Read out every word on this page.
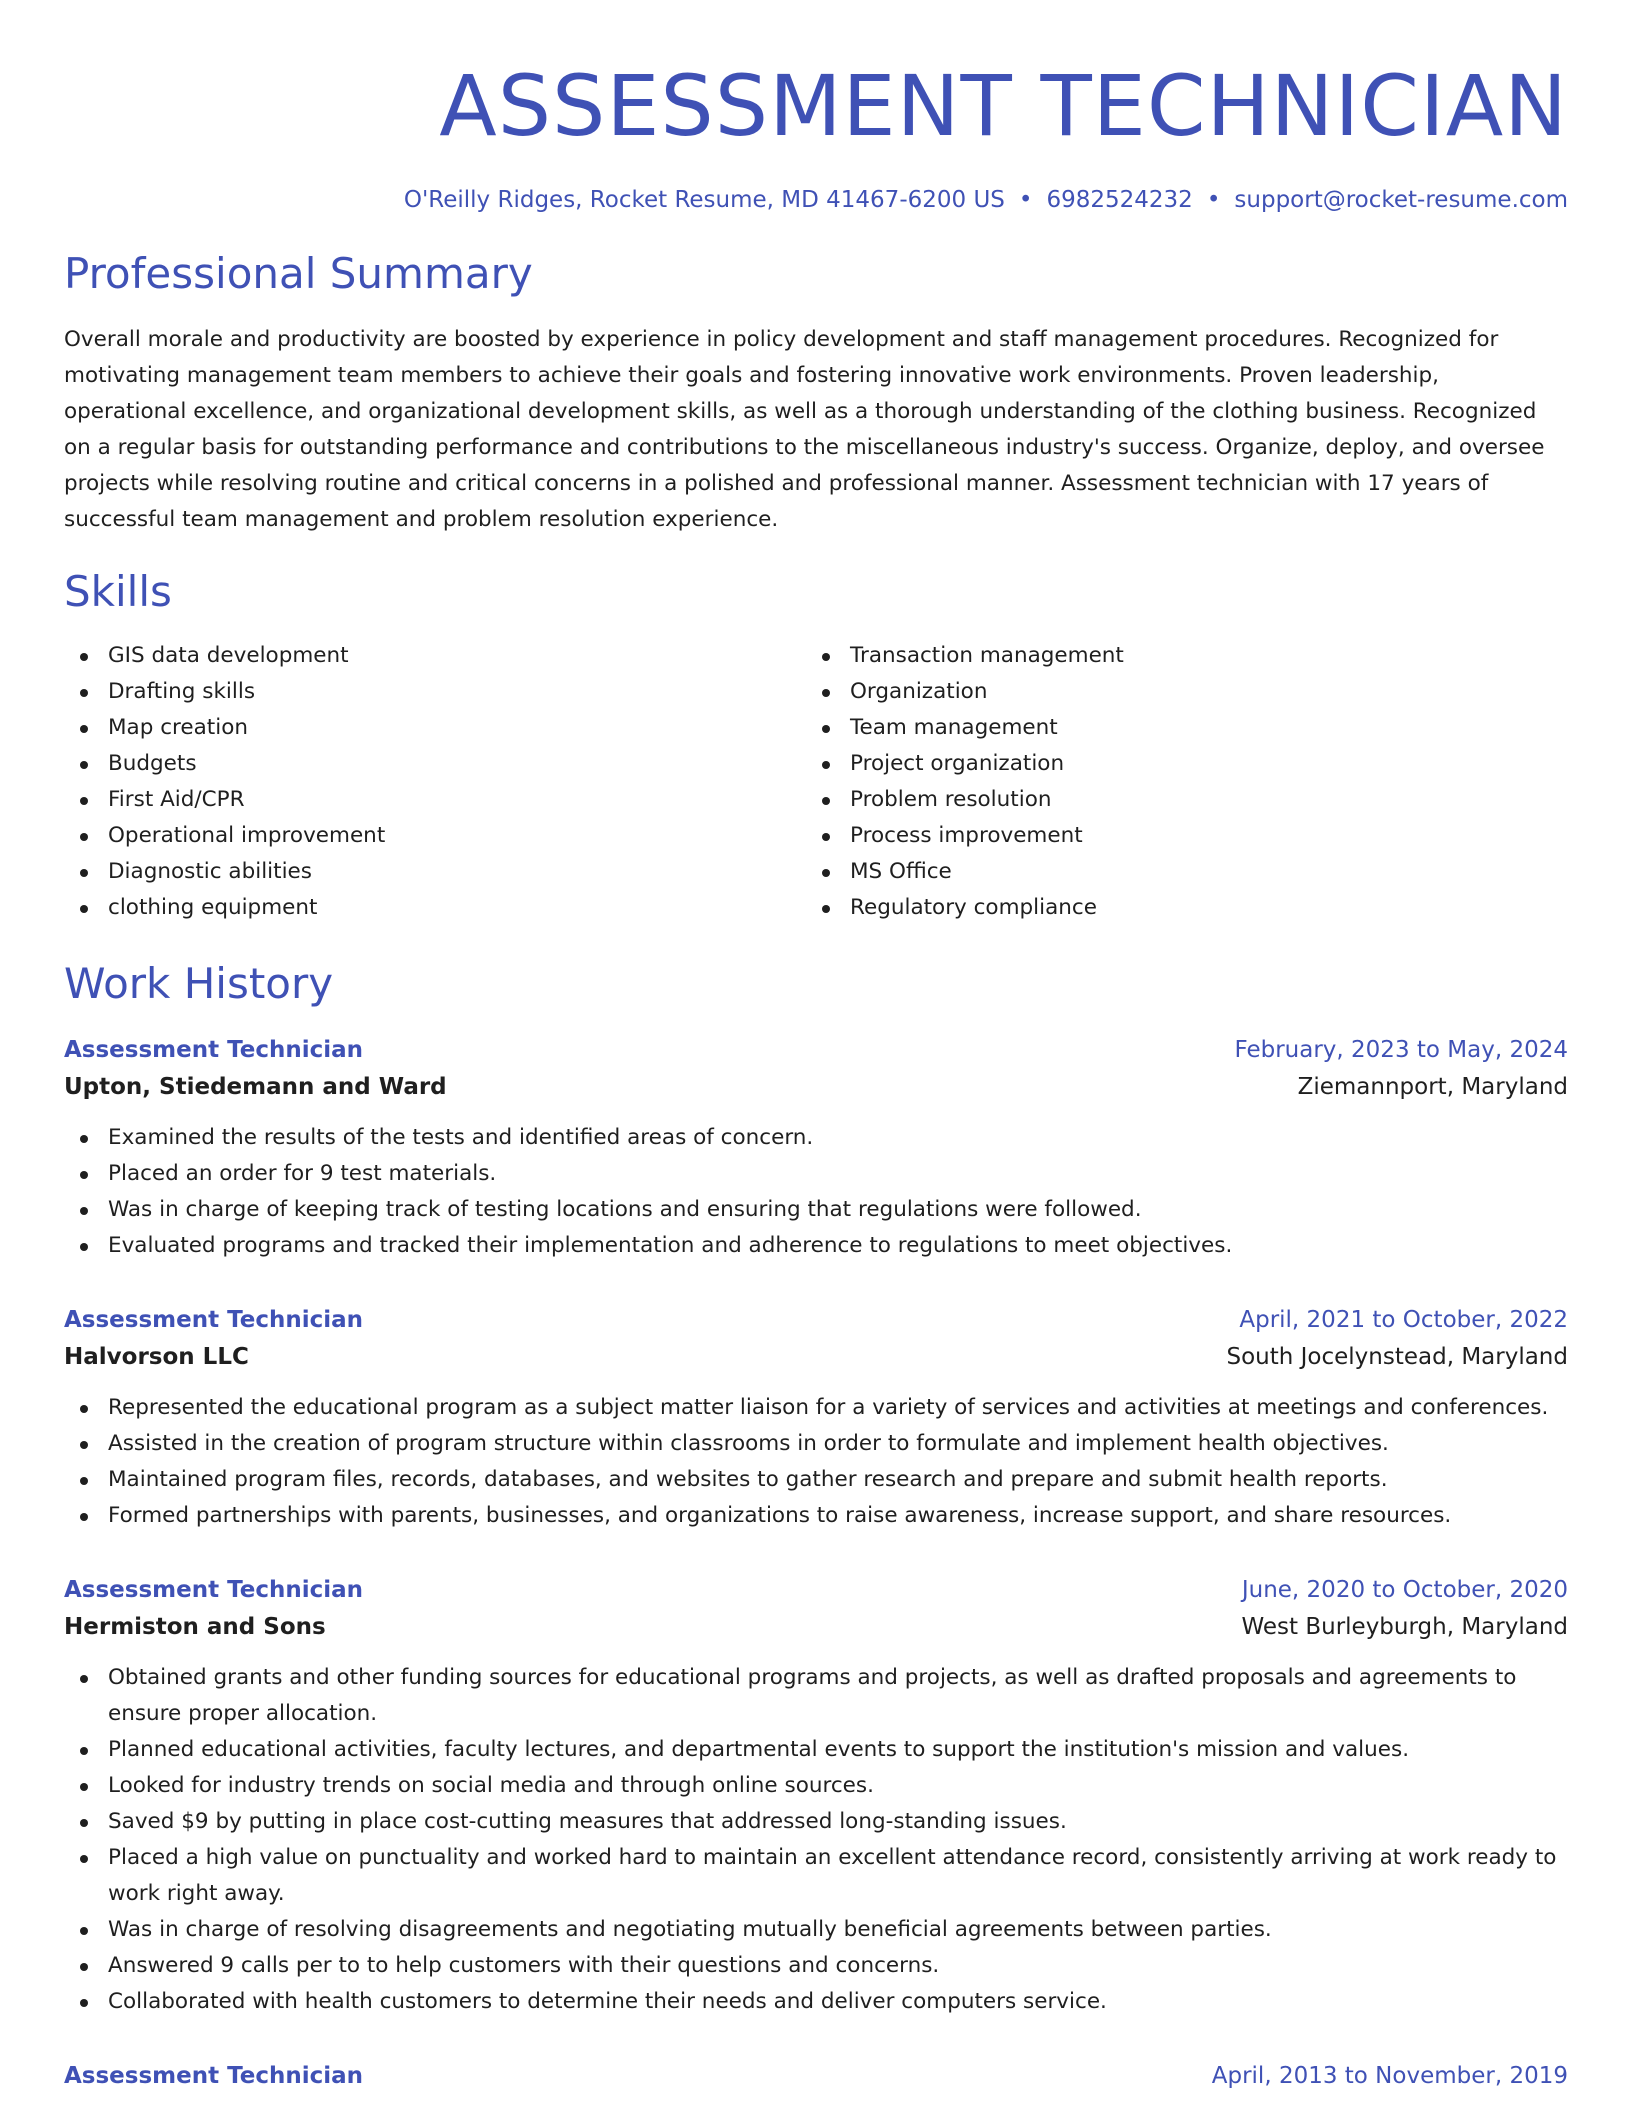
ASSESSMENT TECHNICIAN
O'Reilly Ridges, Rocket Resume, MD 41467-6200 US • 6982524232 • support@rocket-resume.com
Professional Summary
Overall morale and productivity are boosted by experience in policy development and staff management procedures. Recognized for motivating management team members to achieve their goals and fostering innovative work environments. Proven leadership, operational excellence, and organizational development skills, as well as a thorough understanding of the clothing business. Recognized on a regular basis for outstanding performance and contributions to the miscellaneous industry's success. Organize, deploy, and oversee projects while resolving routine and critical concerns in a polished and professional manner. Assessment technician with 17 years of successful team management and problem resolution experience.
Skills
GIS data development
Drafting skills
Map creation
Budgets
First Aid/CPR
Operational improvement
Diagnostic abilities
clothing equipment
Transaction management
Organization
Team management
Project organization
Problem resolution
Process improvement
MS Office
Regulatory compliance
Work History
Assessment Technician	February, 2023 to May, 2024
Upton, Stiedemann and Ward	Ziemannport, Maryland
Examined the results of the tests and identified areas of concern.
Placed an order for 9 test materials.
Was in charge of keeping track of testing locations and ensuring that regulations were followed.
Evaluated programs and tracked their implementation and adherence to regulations to meet objectives.
Assessment Technician	April, 2021 to October, 2022
Halvorson LLC	South Jocelynstead, Maryland
Represented the educational program as a subject matter liaison for a variety of services and activities at meetings and conferences.
Assisted in the creation of program structure within classrooms in order to formulate and implement health objectives.
Maintained program files, records, databases, and websites to gather research and prepare and submit health reports.
Formed partnerships with parents, businesses, and organizations to raise awareness, increase support, and share resources.
Assessment Technician	June, 2020 to October, 2020
Hermiston and Sons	West Burleyburgh, Maryland
Obtained grants and other funding sources for educational programs and projects, as well as drafted proposals and agreements to ensure proper allocation.
Planned educational activities, faculty lectures, and departmental events to support the institution's mission and values.
Looked for industry trends on social media and through online sources.
Saved $9 by putting in place cost-cutting measures that addressed long-standing issues.
Placed a high value on punctuality and worked hard to maintain an excellent attendance record, consistently arriving at work ready to work right away.
Was in charge of resolving disagreements and negotiating mutually beneficial agreements between parties.
Answered 9 calls per to to help customers with their questions and concerns.
Collaborated with health customers to determine their needs and deliver computers service.
Assessment Technician	April, 2013 to November, 2019
